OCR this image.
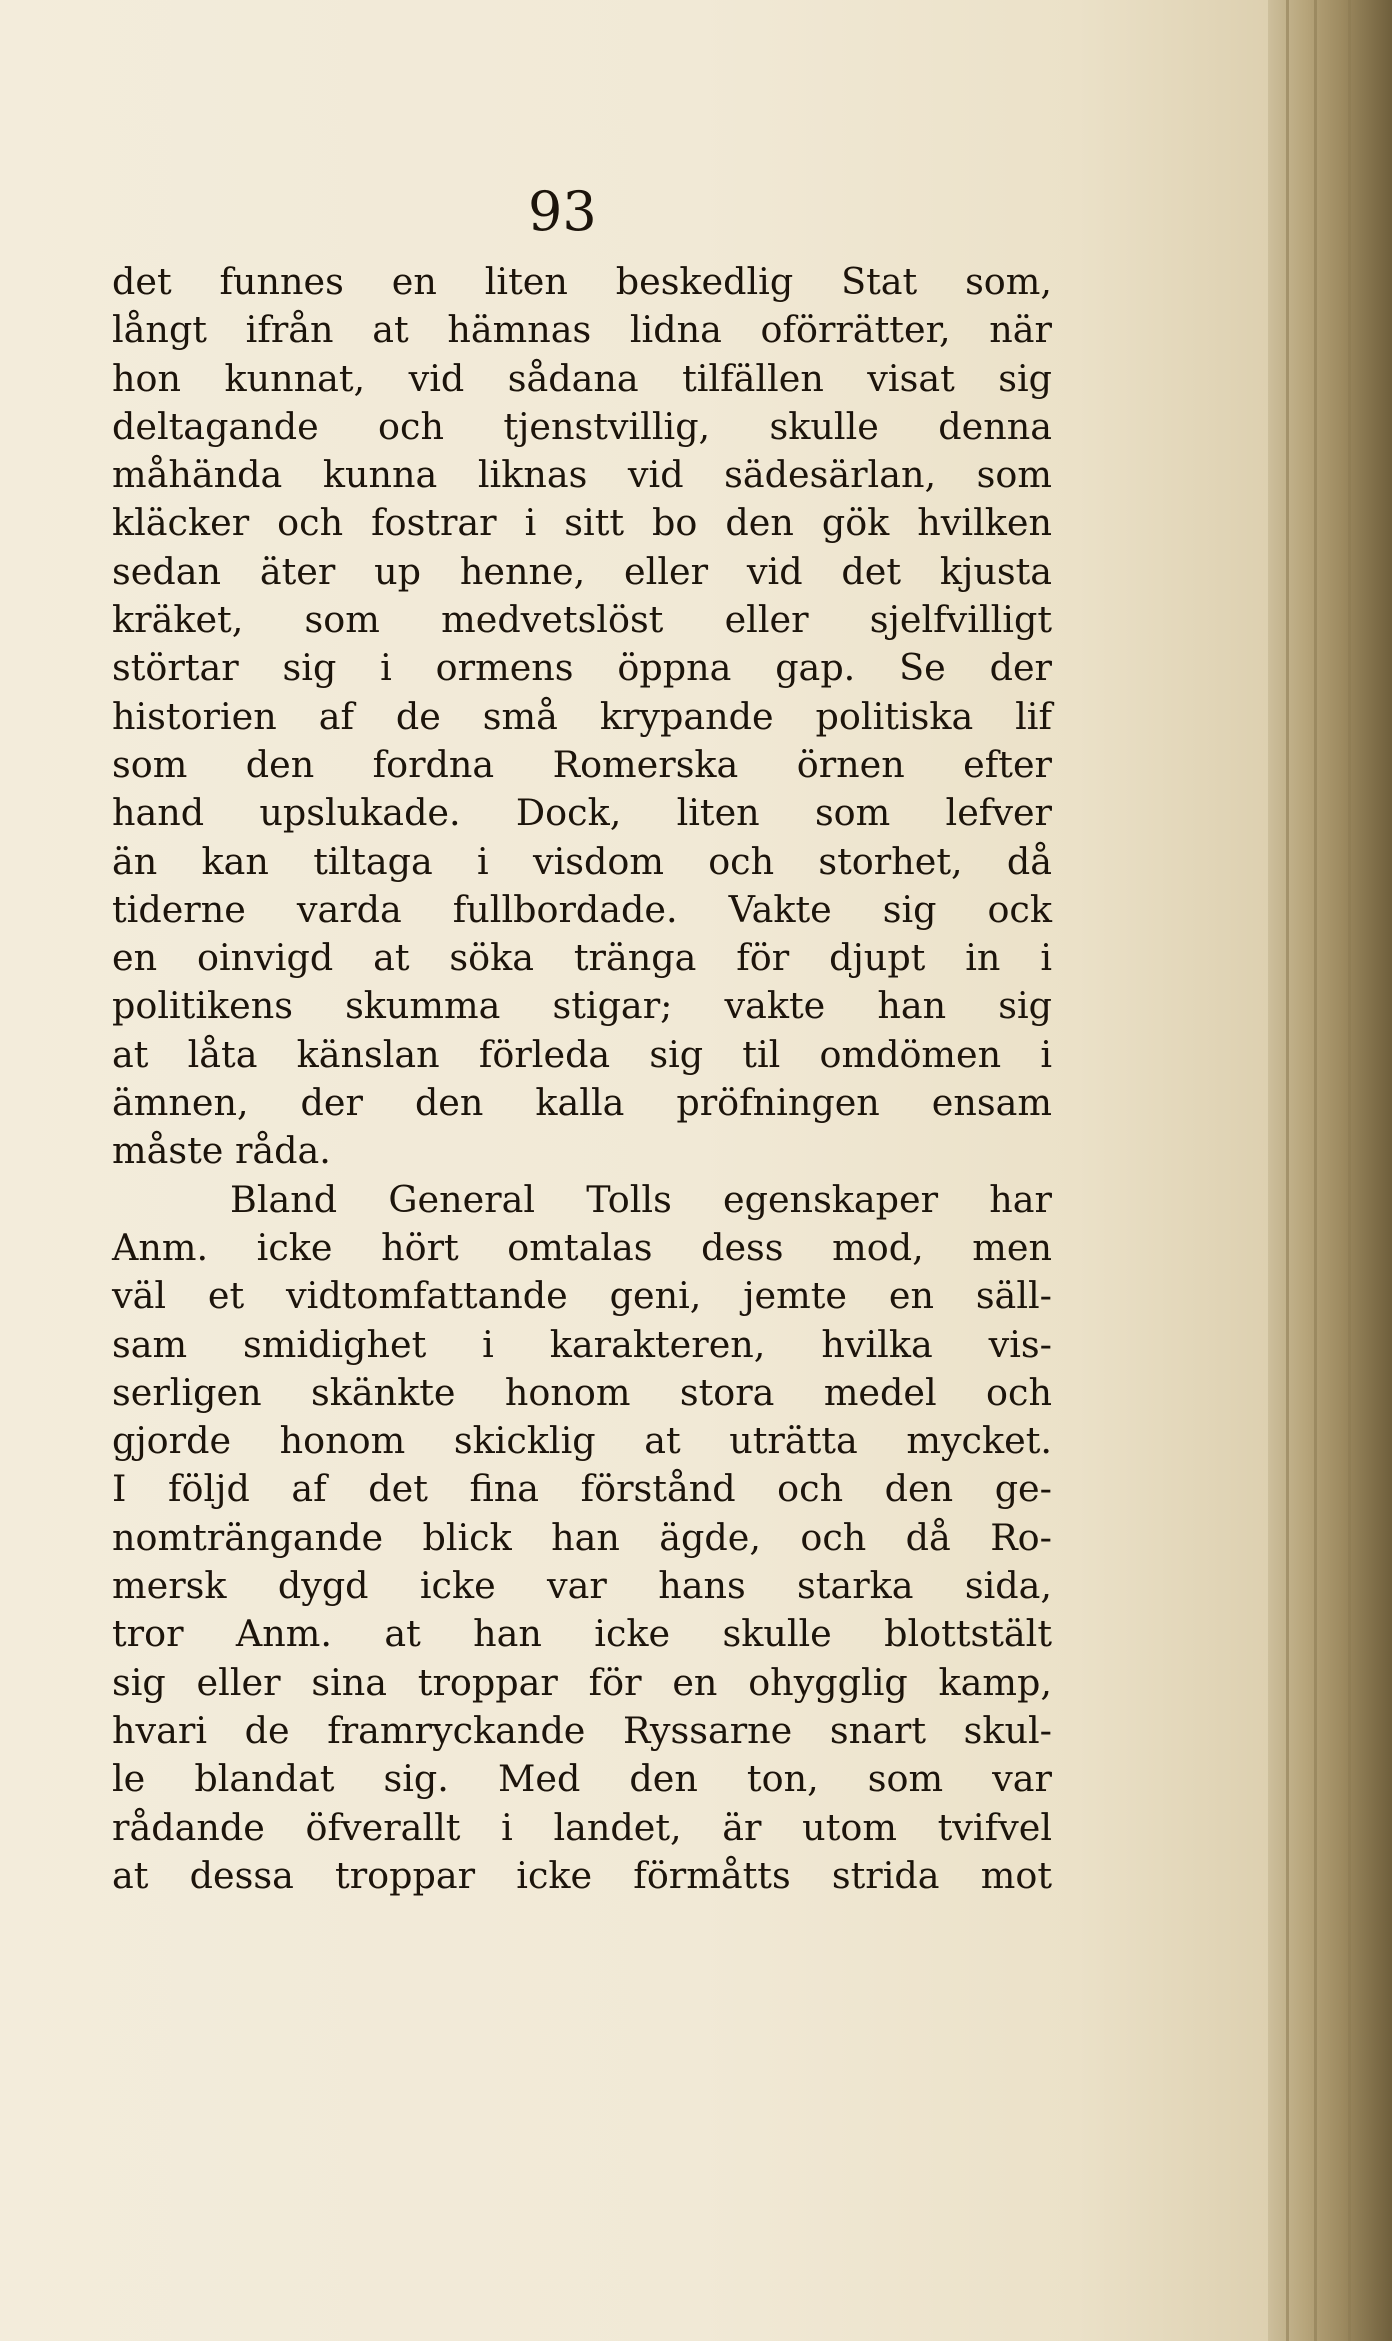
93
det funnes en liten beskedlig Stat som,
långt ifrån at hämnas lidna oförrätter, när
hon kunnat, vid sådana tilfällen visat sig
deltagande och tjenstvillig, skulle denna
måhända kunna liknas vid sädesärlan, som
kläcker och fostrar i sitt bo den gök hvilken
sedan äter up henne, eller vid det kjusta
kräket, som medvetslöst eller sjelfvilligt
störtar sig i ormens öppna gap. Se der
historien af de små krypande politiska lif
som den fordna Romerska örnen efter
hand upslukade. Dock, liten som lefver
än kan tiltaga i visdom och storhet, då
tiderne varda fullbordade. Vakte sig ock
en oinvigd at söka tränga för djupt in i
politikens skumma stigar; vakte han sig
at låta känslan förleda sig til omdömen i
ämnen, der den kalla pröfningen ensam
måste råda.
Bland General Tolls egenskaper har
Anm. icke hört omtalas dess mod, men
väl et vidtomfattande geni, jemte en säll-
sam smidighet i karakteren, hvilka vis-
serligen skänkte honom stora medel och
gjorde honom skicklig at uträtta mycket.
I följd af det fina förstånd och den ge-
nomträngande blick han ägde, och då Ro-
mersk dygd icke var hans starka sida,
tror Anm. at han icke skulle blottstält
sig eller sina troppar för en ohygglig kamp,
hvari de framryckande Ryssarne snart skul-
le blandat sig. Med den ton, som var
rådande öfverallt i landet, är utom tvifvel
at dessa troppar icke förmåtts strida mot
